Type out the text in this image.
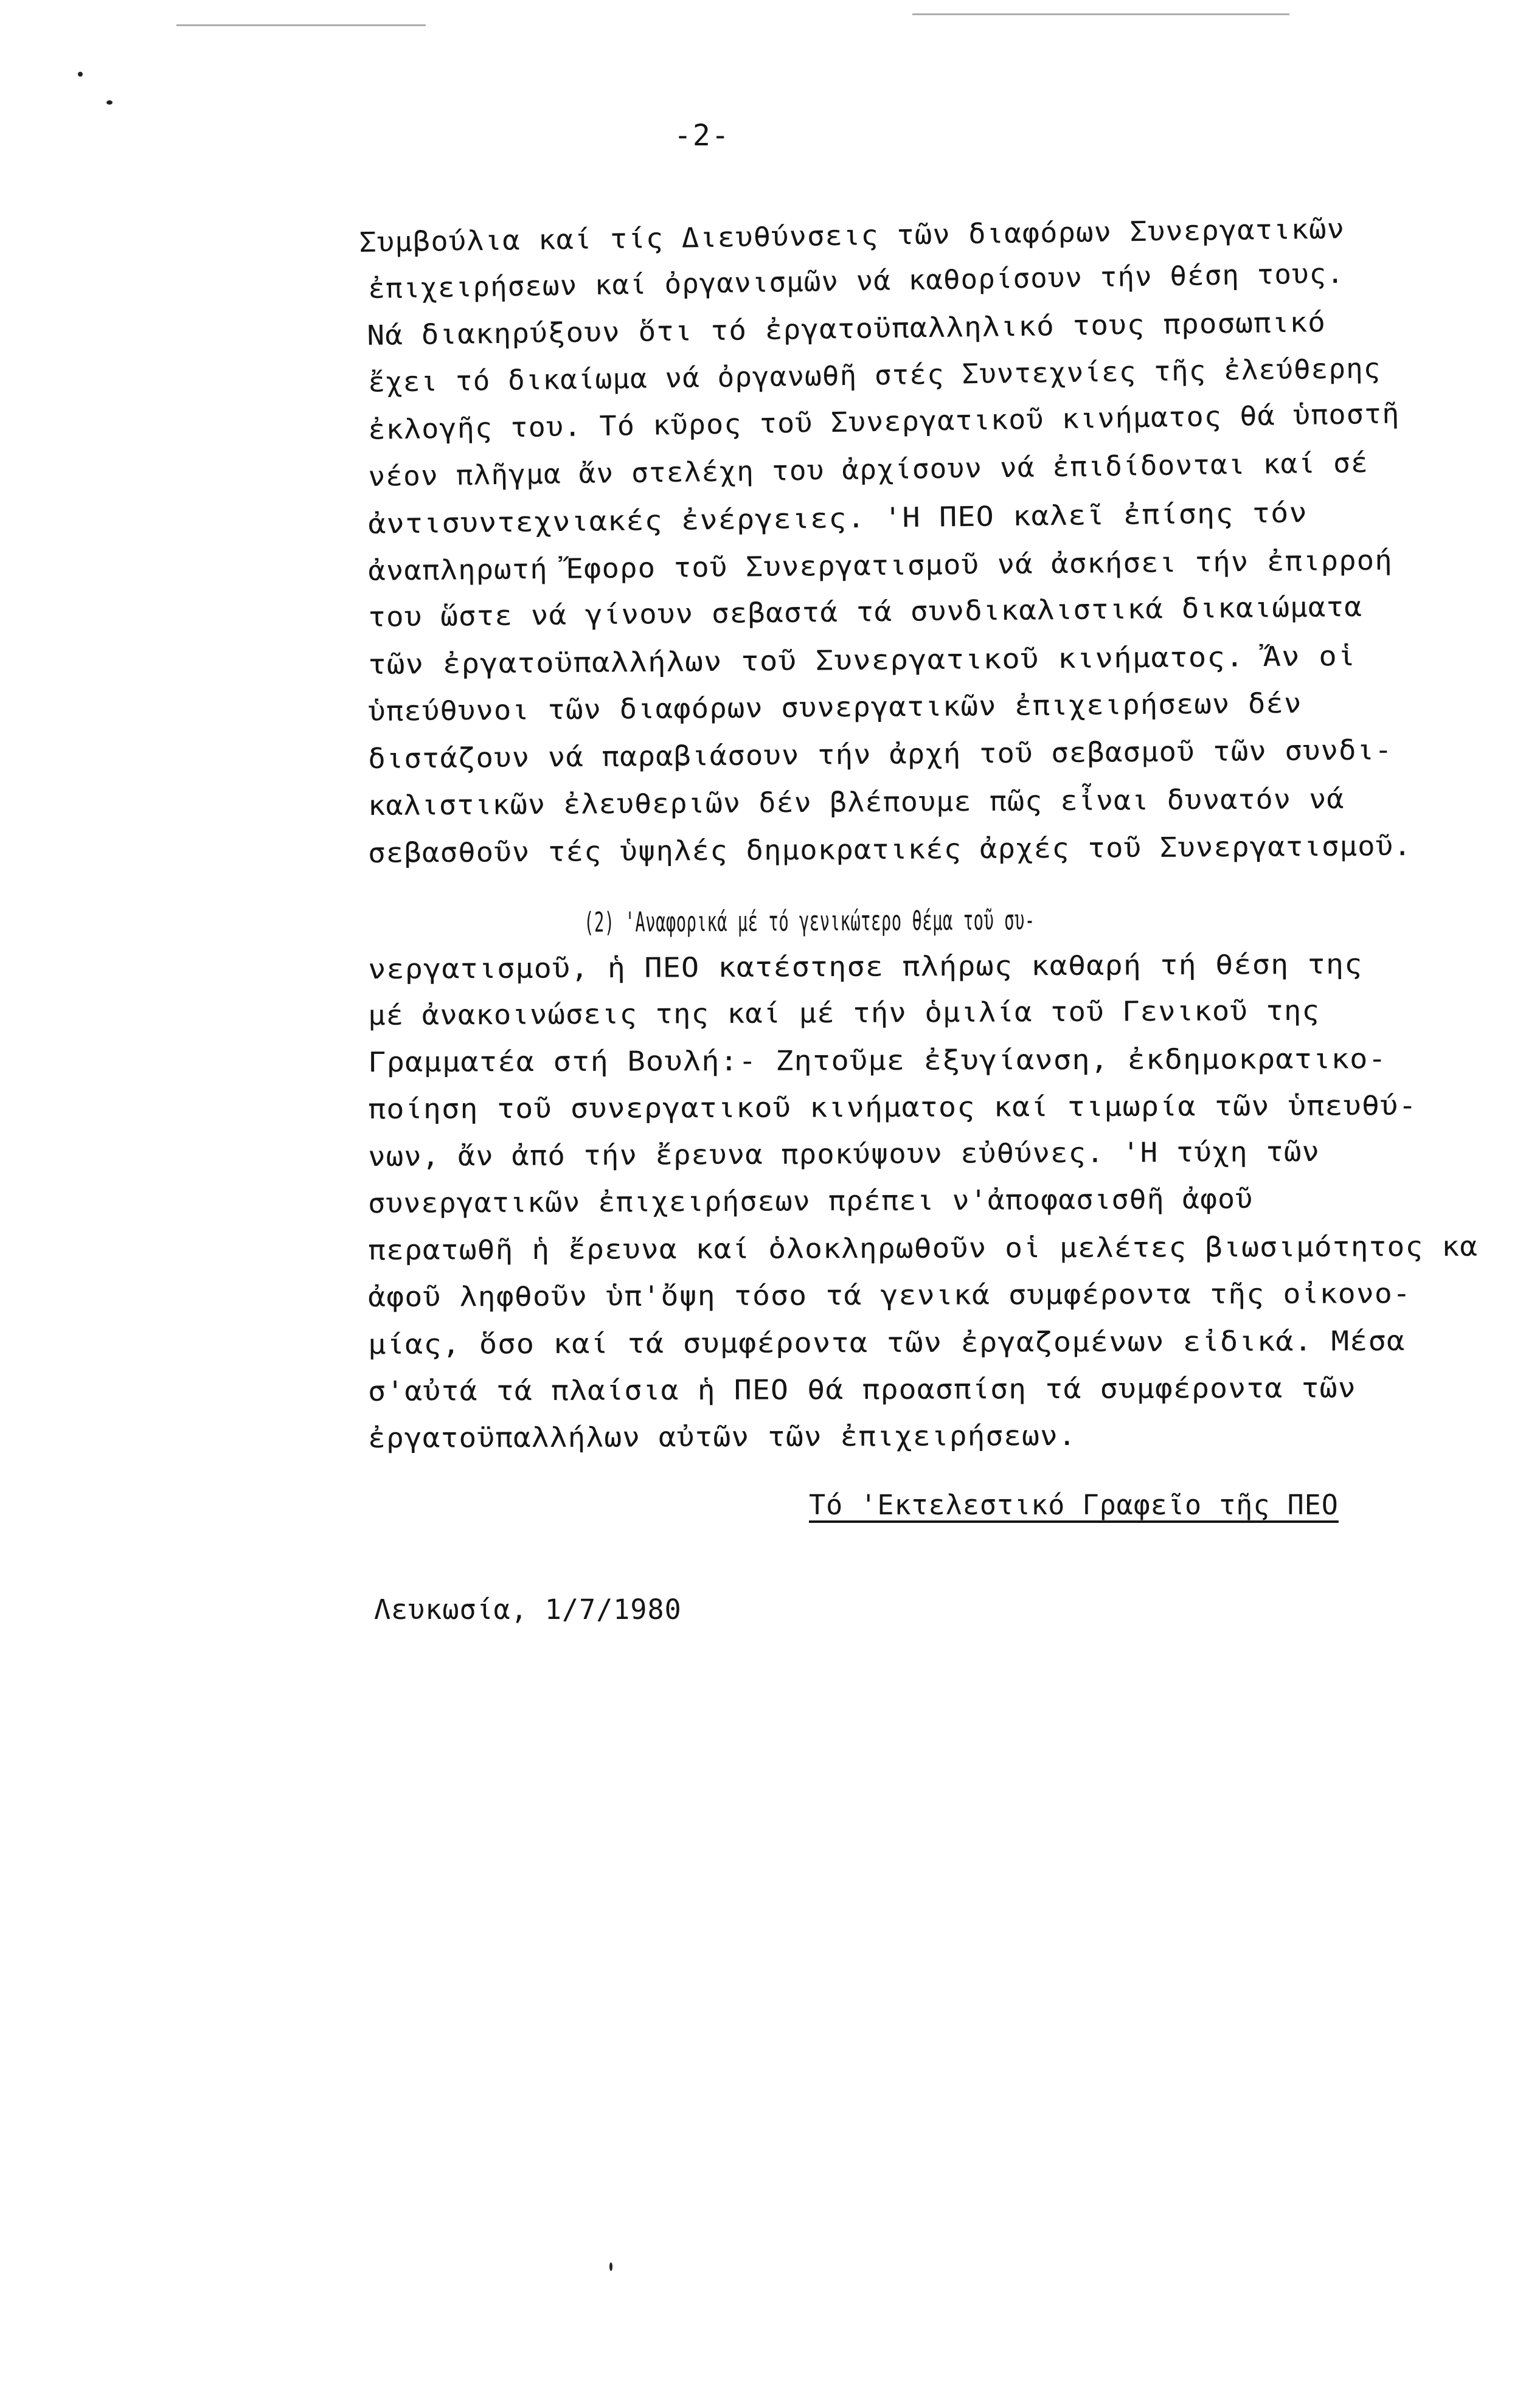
-2-
Συμβούλια καί τίς Διευθύνσεις τῶν διαφόρων Συνεργατικῶν
ἐπιχειρήσεων καί ὀργανισμῶν νά καθορίσουν τήν θέση τους.
Νά διακηρύξουν ὅτι τό ἐργατοϋπαλληλικό τους προσωπικό
ἔχει τό δικαίωμα νά ὀργανωθῆ στές Συντεχνίες τῆς ἐλεύθερης
ἐκλογῆς του. Τό κῦρος τοῦ Συνεργατικοῦ κινήματος θά ὑποστῆ
νέον πλῆγμα ἄν στελέχη του ἀρχίσουν νά ἐπιδίδονται καί σέ
ἀντισυντεχνιακές ἐνέργειες. 'Η ΠΕΟ καλεῖ ἐπίσης τόν
ἀναπληρωτή Ἔφορο τοῦ Συνεργατισμοῦ νά ἀσκήσει τήν ἐπιρροή
του ὥστε νά γίνουν σεβαστά τά συνδικαλιστικά δικαιώματα
τῶν ἐργατοϋπαλλήλων τοῦ Συνεργατικοῦ κινήματος. Ἄν οἱ
ὑπεύθυνοι τῶν διαφόρων συνεργατικῶν ἐπιχειρήσεων δέν
διστάζουν νά παραβιάσουν τήν ἀρχή τοῦ σεβασμοῦ τῶν συνδι-
καλιστικῶν ἐλευθεριῶν δέν βλέπουμε πῶς εἶναι δυνατόν νά
σεβασθοῦν τές ὑψηλές δημοκρατικές ἀρχές τοῦ Συνεργατισμοῦ.
(2) 'Αναφορικά μέ τό γενικώτερο θέμα τοῦ συ-
νεργατισμοῦ, ἡ ΠΕΟ κατέστησε πλήρως καθαρή τή θέση της
μέ ἀνακοινώσεις της καί μέ τήν ὁμιλία τοῦ Γενικοῦ της
Γραμματέα στή Βουλή:- Ζητοῦμε ἐξυγίανση, ἐκδημοκρατικο-
ποίηση τοῦ συνεργατικοῦ κινήματος καί τιμωρία τῶν ὑπευθύ-
νων, ἄν ἀπό τήν ἔρευνα προκύψουν εὐθύνες. 'Η τύχη τῶν
συνεργατικῶν ἐπιχειρήσεων πρέπει ν'ἀποφασισθῆ ἀφοῦ
περατωθῆ ἡ ἔρευνα καί ὁλοκληρωθοῦν οἱ μελέτες βιωσιμότητος κα
ἀφοῦ ληφθοῦν ὑπ'ὄψη τόσο τά γενικά συμφέροντα τῆς οἰκονο-
μίας, ὅσο καί τά συμφέροντα τῶν ἐργαζομένων εἰδικά. Μέσα
σ'αὐτά τά πλαίσια ἡ ΠΕΟ θά προασπίση τά συμφέροντα τῶν
ἐργατοϋπαλλήλων αὐτῶν τῶν ἐπιχειρήσεων.
Τό 'Εκτελεστικό Γραφεῖο τῆς ΠΕΟ
Λευκωσία, 1/7/1980
